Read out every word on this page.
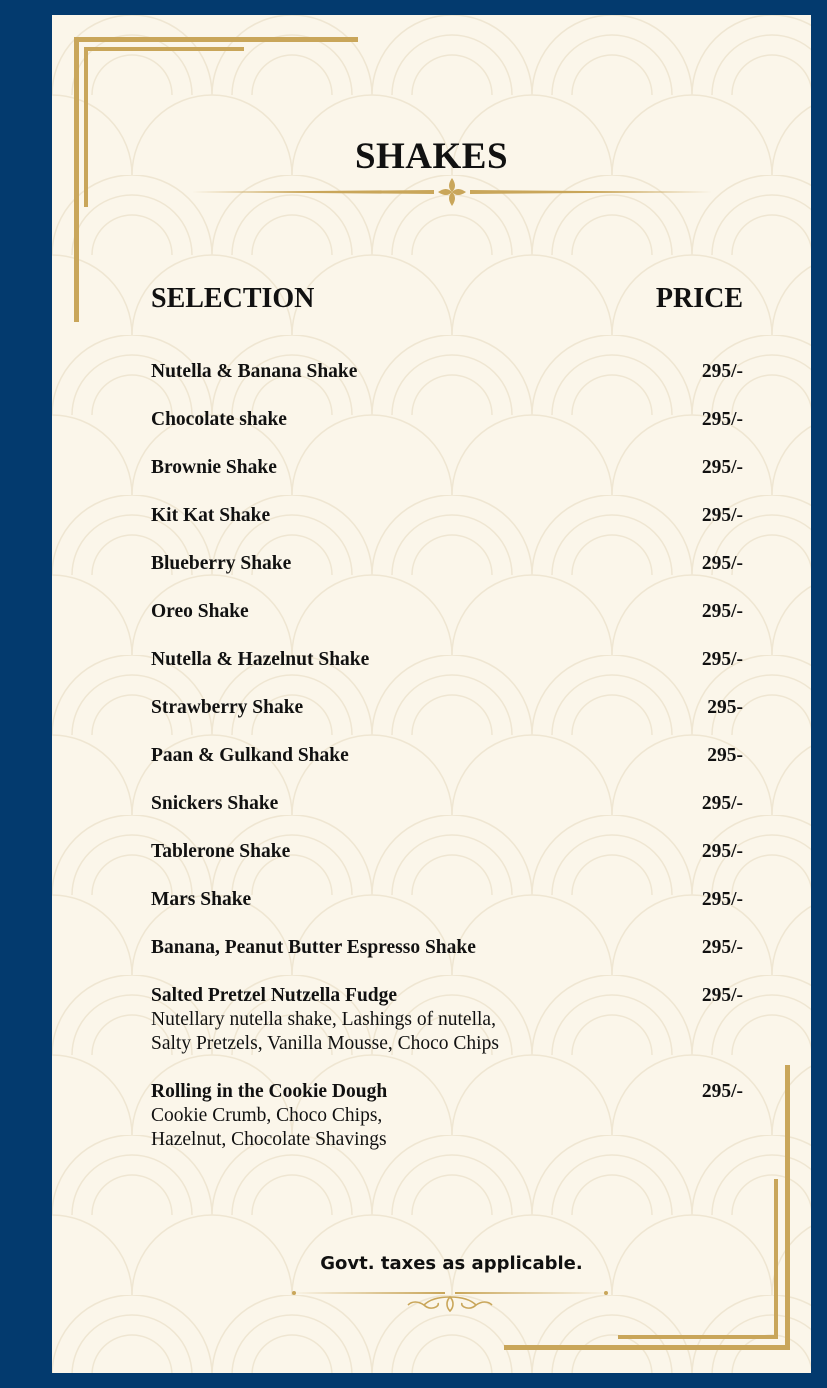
SHAKES
SELECTION	PRICE
Nutella & Banana Shake	295/-
Chocolate shake	295/-
Brownie Shake	295/-
Kit Kat Shake	295/-
Blueberry Shake	295/-
Oreo Shake	295/-
Nutella & Hazelnut Shake	295/-
Strawberry Shake	295-
Paan & Gulkand Shake	295-
Snickers Shake	295/-
Tablerone Shake	295/-
Mars Shake	295/-
Banana, Peanut Butter Espresso Shake	295/-
Salted Pretzel Nutzella Fudge	295/-
Nutellary nutella shake, Lashings of nutella,
Salty Pretzels, Vanilla Mousse, Choco Chips
Rolling in the Cookie Dough	295/-
Cookie Crumb, Choco Chips,
Hazelnut, Chocolate Shavings
Govt. taxes as applicable.
